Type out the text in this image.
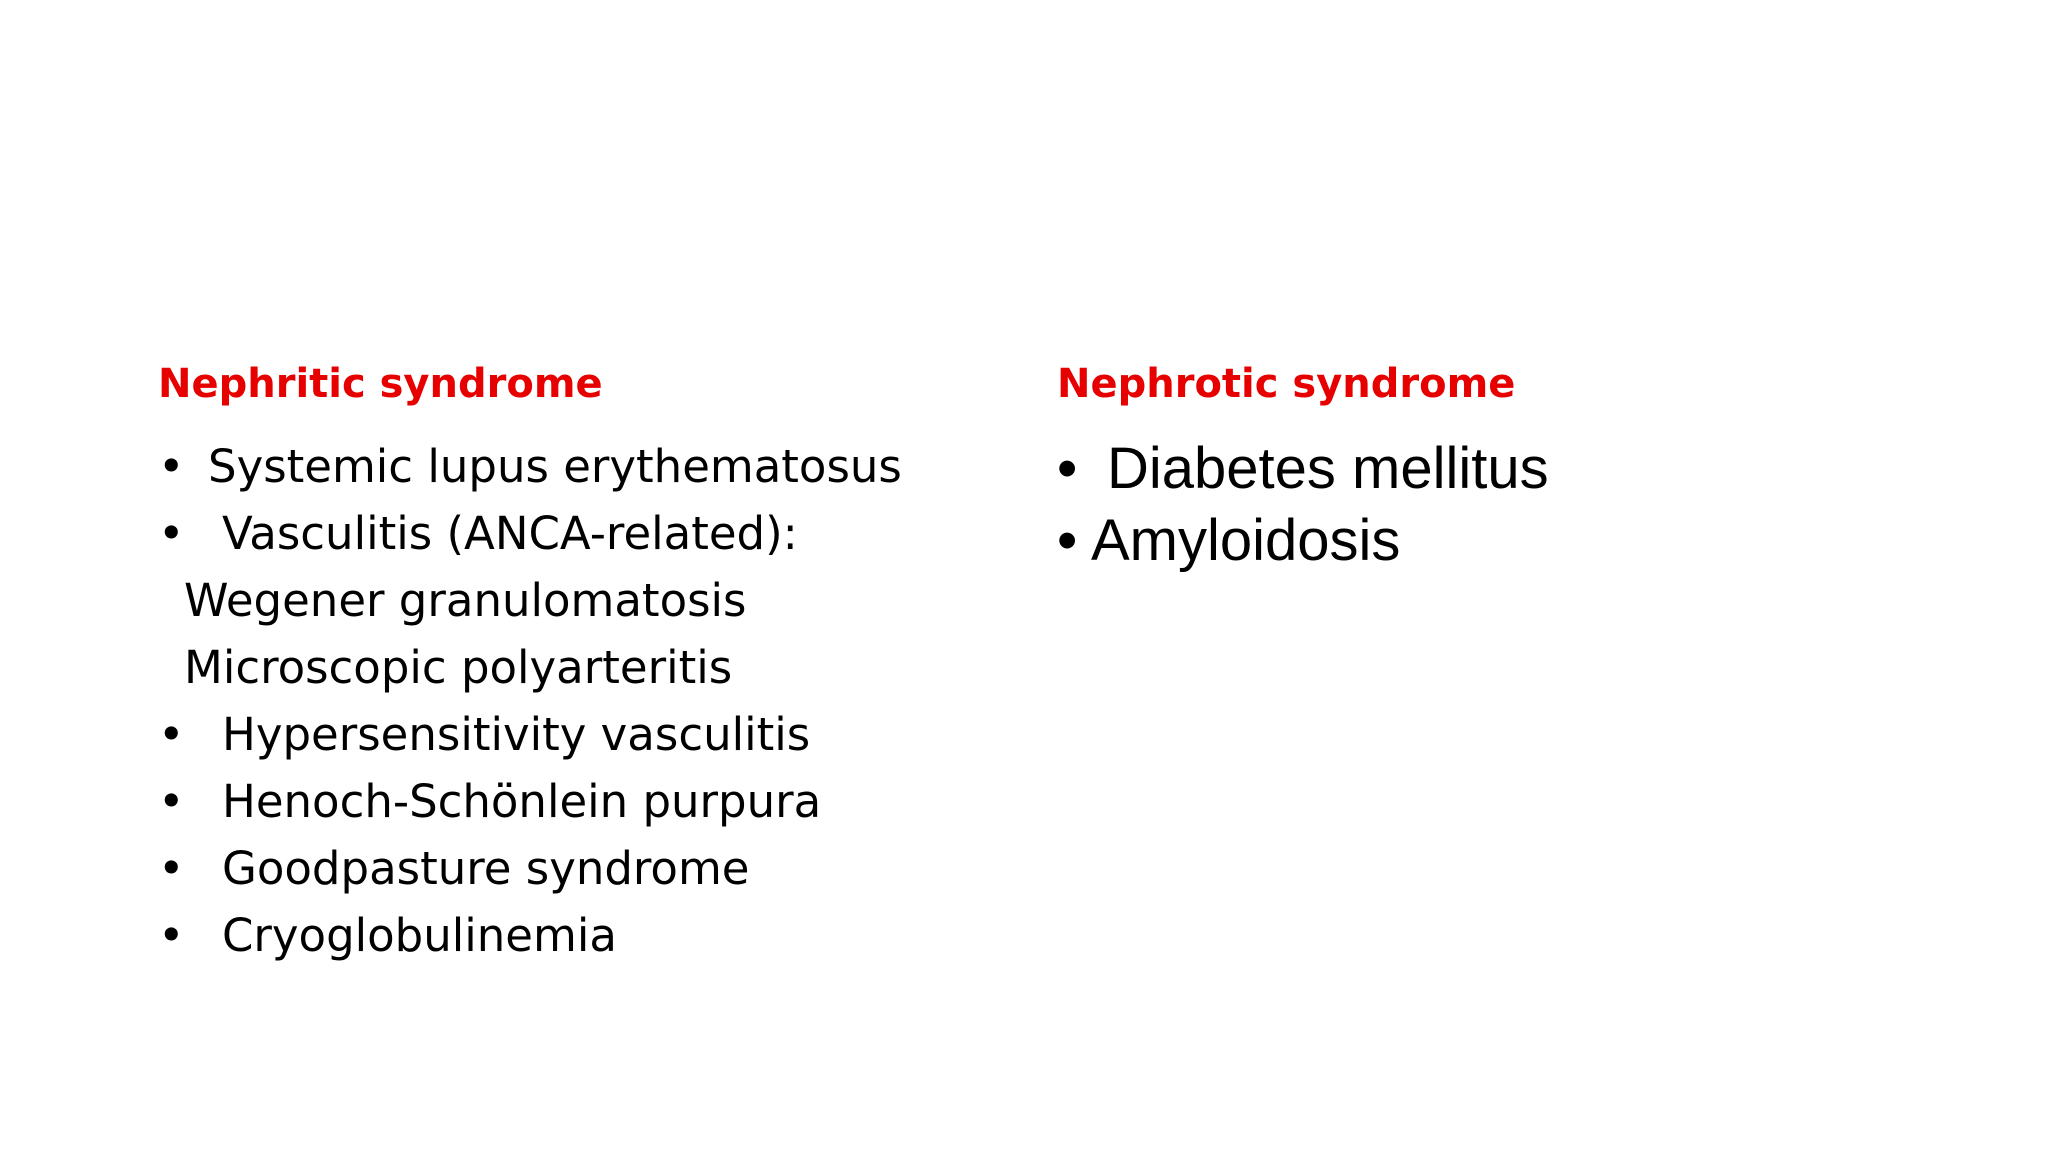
Nephritic syndrome
• Systemic lupus erythematosus
• Vasculitis (ANCA-related):
Wegener granulomatosis
Microscopic polyarteritis
• Hypersensitivity vasculitis
• Henoch-Schönlein purpura
• Goodpasture syndrome
• Cryoglobulinemia
Nephrotic syndrome
• Diabetes mellitus
• Amyloidosis
